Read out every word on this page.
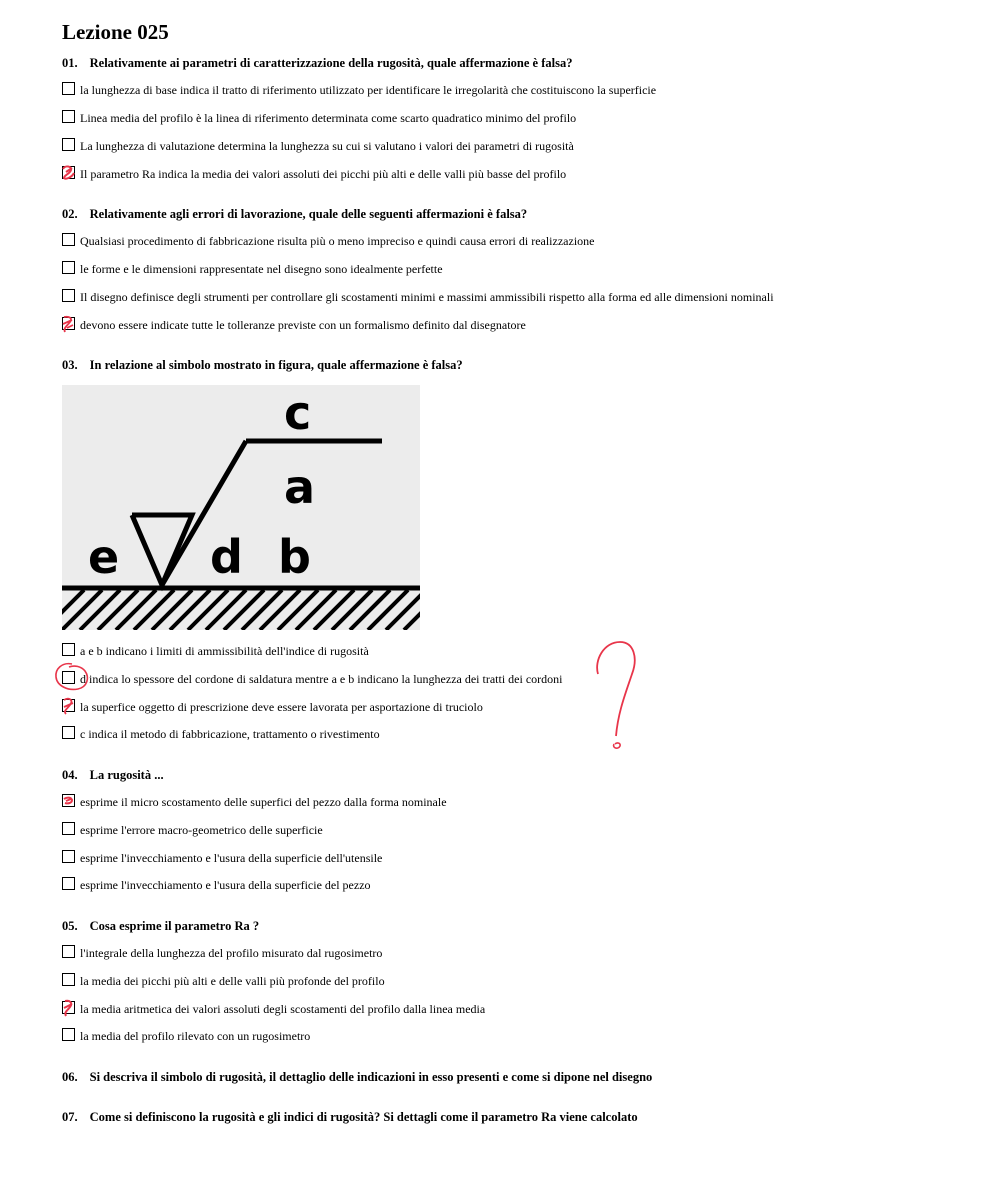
Lezione 025
01. Relativamente ai parametri di caratterizzazione della rugosità, quale affermazione è falsa?
la lunghezza di base indica il tratto di riferimento utilizzato per identificare le irregolarità che costituiscono la superficie
Linea media del profilo è la linea di riferimento determinata come scarto quadratico minimo del profilo
La lunghezza di valutazione determina la lunghezza su cui si valutano i valori dei parametri di rugosità
Il parametro Ra indica la media dei valori assoluti dei picchi più alti e delle valli più basse del profilo
02. Relativamente agli errori di lavorazione, quale delle seguenti affermazioni è falsa?
Qualsiasi procedimento di fabbricazione risulta più o meno impreciso e quindi causa errori di realizzazione
le forme e le dimensioni rappresentate nel disegno sono idealmente perfette
Il disegno definisce degli strumenti per controllare gli scostamenti minimi e massimi ammissibili rispetto alla forma ed alle dimensioni nominali
devono essere indicate tutte le tolleranze previste con un formalismo definito dal disegnatore
03. In relazione al simbolo mostrato in figura, quale affermazione è falsa?
c
a
e d b
a e b indicano i limiti di ammissibilità dell'indice di rugosità
d indica lo spessore del cordone di saldatura mentre a e b indicano la lunghezza dei tratti dei cordoni
la superfice oggetto di prescrizione deve essere lavorata per asportazione di truciolo
c indica il metodo di fabbricazione, trattamento o rivestimento
04. La rugosità ...
esprime il micro scostamento delle superfici del pezzo dalla forma nominale
esprime l'errore macro-geometrico delle superficie
esprime l'invecchiamento e l'usura della superficie dell'utensile
esprime l'invecchiamento e l'usura della superficie del pezzo
05. Cosa esprime il parametro Ra ?
l'integrale della lunghezza del profilo misurato dal rugosimetro
la media dei picchi più alti e delle valli più profonde del profilo
la media aritmetica dei valori assoluti degli scostamenti del profilo dalla linea media
la media del profilo rilevato con un rugosimetro
06. Si descriva il simbolo di rugosità, il dettaglio delle indicazioni in esso presenti e come si dipone nel disegno
07. Come si definiscono la rugosità e gli indici di rugosità? Si dettagli come il parametro Ra viene calcolato
